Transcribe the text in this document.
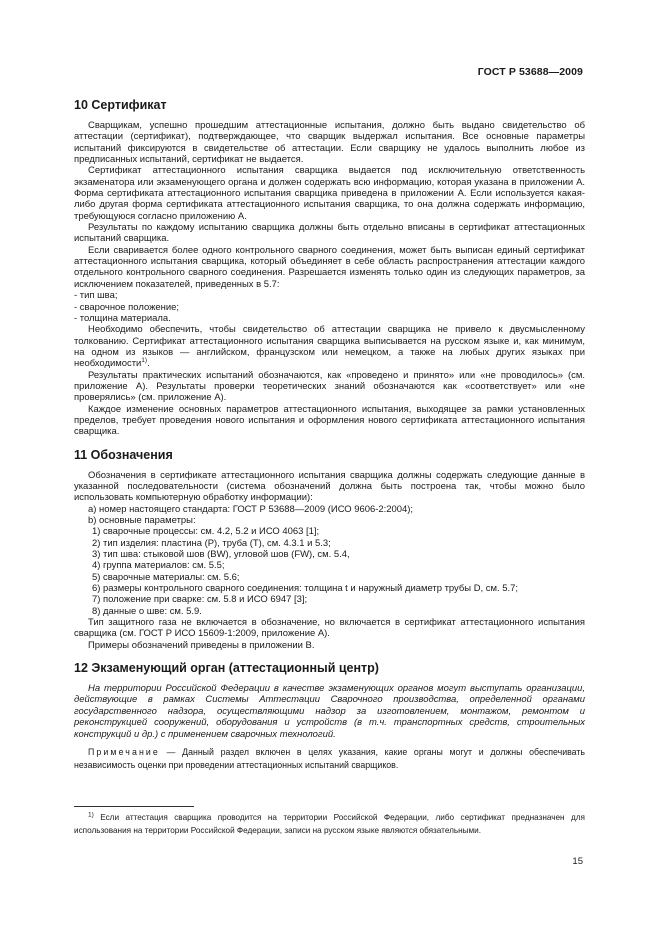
ГОСТ Р 53688—2009
10 Сертификат

Сварщикам, успешно прошедшим аттестационные испытания, должно быть выдано свидетельство об аттестации (сертификат), подтверждающее, что сварщик выдержал испытания. Все основные параметры испытаний фиксируются в свидетельстве об аттестации. Если сварщику не удалось выполнить любое из предписанных испытаний, сертификат не выдается.

Сертификат аттестационного испытания сварщика выдается под исключительную ответственность экзаменатора или экзаменующего органа и должен содержать всю информацию, которая указана в приложении А. Форма сертификата аттестационного испытания сварщика приведена в приложении А. Если используется какая-либо другая форма сертификата аттестационного испытания сварщика, то она должна содержать информацию, требующуюся согласно приложению А.

Результаты по каждому испытанию сварщика должны быть отдельно вписаны в сертификат аттестационных испытаний сварщика.

Если сваривается более одного контрольного сварного соединения, может быть выписан единый сертификат аттестационного испытания сварщика, который объединяет в себе область распространения аттестации каждого отдельного контрольного сварного соединения. Разрешается изменять только один из следующих параметров, за исключением показателей, приведенных в 5.7:

- тип шва;

- сварочное положение;

- толщина материала.

Необходимо обеспечить, чтобы свидетельство об аттестации сварщика не привело к двусмысленному толкованию. Сертификат аттестационного испытания сварщика выписывается на русском языке и, как минимум, на одном из языков — английском, французском или немецком, а также на любых других языках при необходимости$^{1)}$.

Результаты практических испытаний обозначаются, как «проведено и принято» или «не проводилось» (см. приложение А). Результаты проверки теоретических знаний обозначаются как «соответствует» или «не проверялись» (см. приложение А).

Каждое изменение основных параметров аттестационного испытания, выходящее за рамки установленных пределов, требует проведения нового испытания и оформления нового сертификата аттестационного испытания сварщика.

11 Обозначения

Обозначения в сертификате аттестационного испытания сварщика должны содержать следующие данные в указанной последовательности (система обозначений должна быть построена так, чтобы можно было использовать компьютерную обработку информации):

a) номер настоящего стандарта: ГОСТ Р 53688—2009 (ИСО 9606-2:2004);

b) основные параметры:

1) сварочные процессы: см. 4.2, 5.2 и ИСО 4063 [1];

2) тип изделия: пластина (P), труба (T), см. 4.3.1 и 5.3;

3) тип шва: стыковой шов (BW), угловой шов (FW), см. 5.4,

4) группа материалов: см. 5.5;

5) сварочные материалы: см. 5.6;

6) размеры контрольного сварного соединения: толщина t и наружный диаметр трубы D, см. 5.7;

7) положение при сварке: см. 5.8 и ИСО 6947 [3];

8) данные о шве: см. 5.9.

Тип защитного газа не включается в обозначение, но включается в сертификат аттестационного испытания сварщика (см. ГОСТ Р ИСО 15609-1:2009, приложение А).

Примеры обозначений приведены в приложении В.

12 Экзаменующий орган (аттестационный центр)

На территории Российской Федерации в качестве экзаменующих органов могут выступать организации, действующие в рамках Системы Аттестации Сварочного производства, определенной органами государственного надзора, осуществляющими надзор за изготовлением, монтажом, ремонтом и реконструкцией сооружений, оборудования и устройств (в т.ч. транспортных средств, строительных конструкций и др.) с применением сварочных технологий.

Примечание — Данный раздел включен в целях указания, какие органы могут и должны обеспечивать независимость оценки при проведении аттестационных испытаний сварщиков.

$^{1)}$ Если аттестация сварщика проводится на территории Российской Федерации, либо сертификат предназначен для использования на территории Российской Федерации, записи на русском языке являются обязательными.
15
